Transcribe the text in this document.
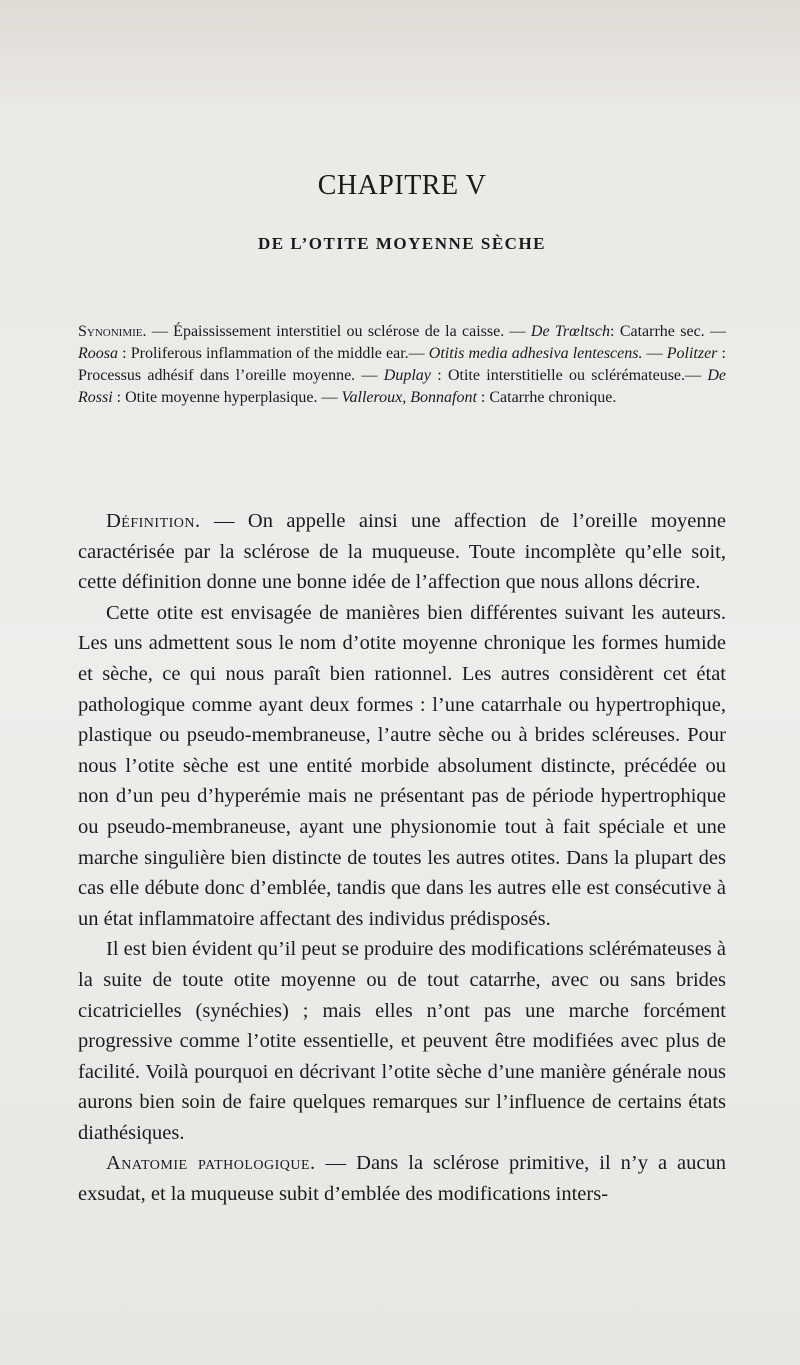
CHAPITRE V
DE L’OTITE MOYENNE SÈCHE
Synonimie. — Épaississement interstitiel ou sclérose de la caisse. — De Trœltsch: Catarrhe sec. — Roosa : Proliferous inflammation of the middle ear.— Otitis media adhesiva lentescens. — Politzer : Processus adhésif dans l’oreille moyenne. — Duplay : Otite interstitielle ou sclérémateuse.— De Rossi : Otite moyenne hyperplasique. — Valleroux, Bonnafont : Catarrhe chronique.

Définition. — On appelle ainsi une affection de l’oreille moyenne caractérisée par la sclérose de la muqueuse. Toute incomplète qu’elle soit, cette définition donne une bonne idée de l’affection que nous allons décrire.

Cette otite est envisagée de manières bien différentes suivant les auteurs. Les uns admettent sous le nom d’otite moyenne chronique les formes humide et sèche, ce qui nous paraît bien rationnel. Les autres considèrent cet état pathologique comme ayant deux formes : l’une catarrhale ou hypertrophique, plastique ou pseudo-membraneuse, l’autre sèche ou à brides scléreuses. Pour nous l’otite sèche est une entité morbide absolument distincte, précédée ou non d’un peu d’hyperémie mais ne présentant pas de période hypertrophique ou pseudo-membraneuse, ayant une physionomie tout à fait spéciale et une marche singulière bien distincte de toutes les autres otites. Dans la plupart des cas elle débute donc d’emblée, tandis que dans les autres elle est consécutive à un état inflammatoire affectant des individus prédisposés.

Il est bien évident qu’il peut se produire des modifications sclérémateuses à la suite de toute otite moyenne ou de tout catarrhe, avec ou sans brides cicatricielles (synéchies) ; mais elles n’ont pas une marche forcément progressive comme l’otite essentielle, et peuvent être modifiées avec plus de facilité. Voilà pourquoi en décrivant l’otite sèche d’une manière générale nous aurons bien soin de faire quelques remarques sur l’influence de certains états diathésiques.

Anatomie pathologique. — Dans la sclérose primitive, il n’y a aucun exsudat, et la muqueuse subit d’emblée des modifications inters-
